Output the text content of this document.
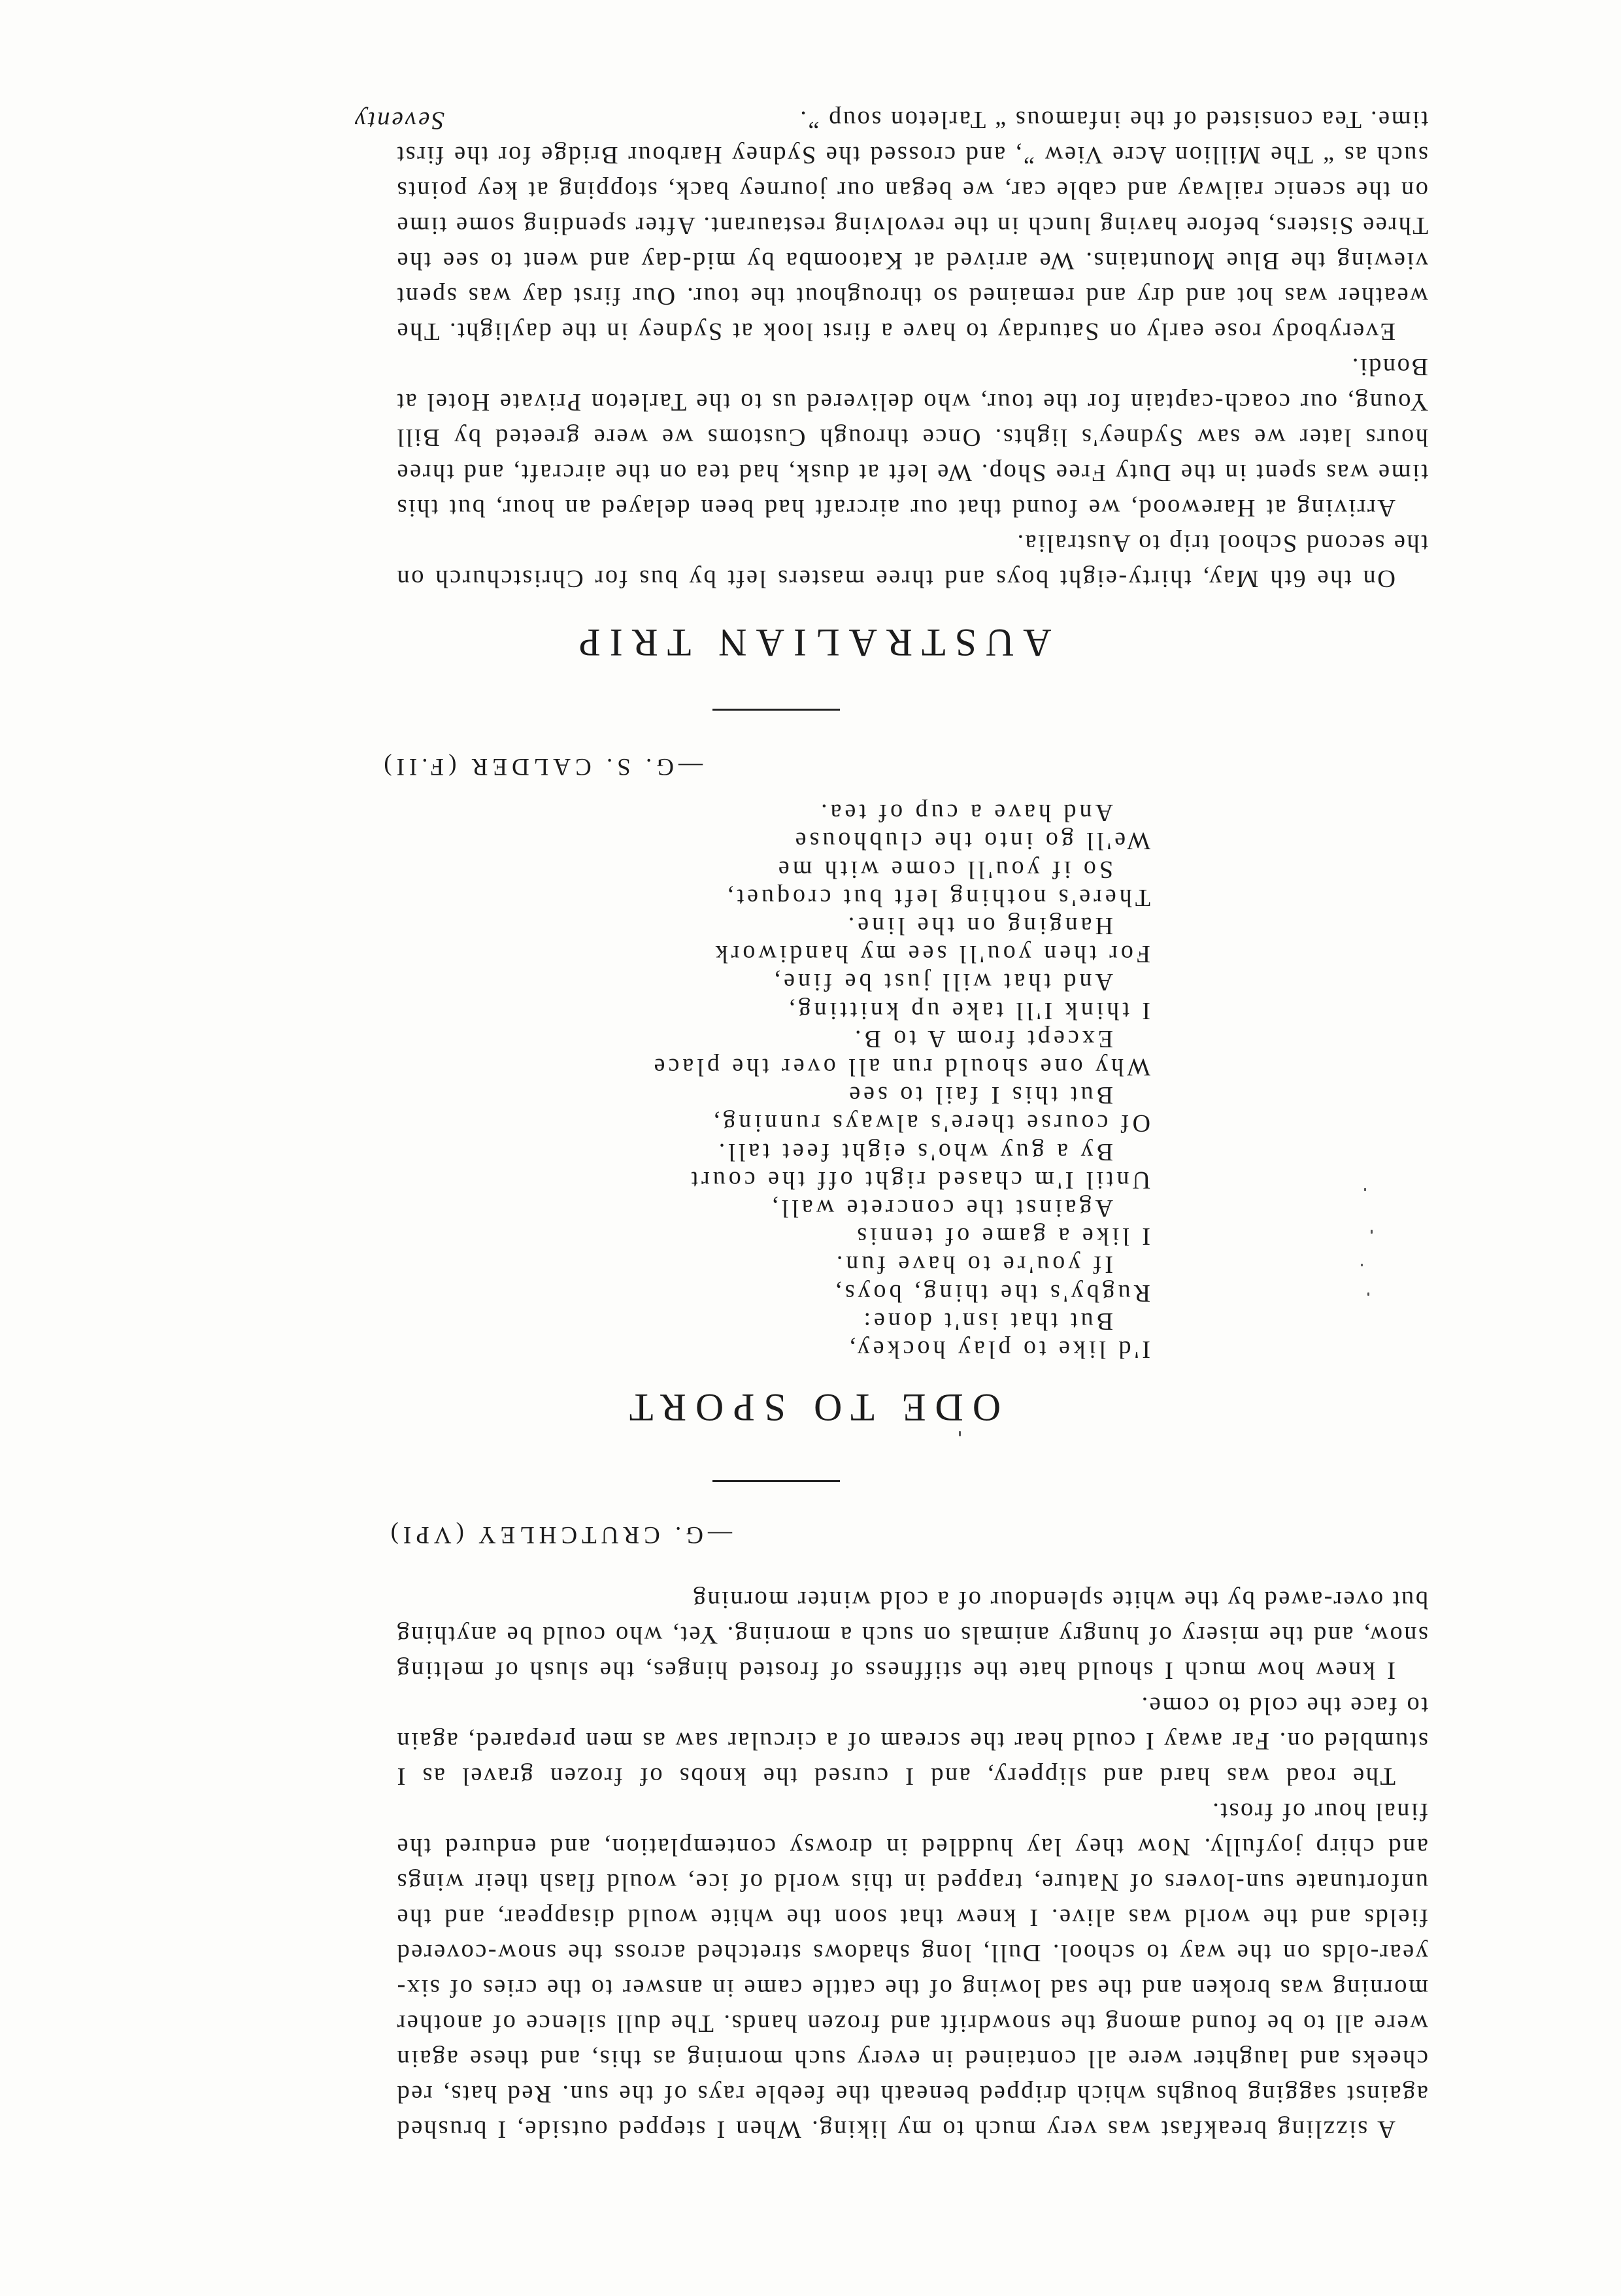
A sizzling breakfast was very much to my liking. When I stepped outside, I brushed against sagging boughs which dripped beneath the feeble rays of the sun. Red hats, red cheeks and laughter were all contained in every such morning as this, and these again were all to be found among the snowdrift and frozen hands. The dull silence of another morning was broken and the sad lowing of the cattle came in answer to the cries of six-year-olds on the way to school. Dull, long shadows stretched across the snow-covered fields and the world was alive. I knew that soon the white would disappear, and the unfortunate sun-lovers of Nature, trapped in this world of ice, would flash their wings and chirp joyfully. Now they lay huddled in drowsy contemplation, and endured the final hour of frost.

The road was hard and slippery, and I cursed the knobs of frozen gravel as I stumbled on. Far away I could hear the scream of a circular saw as men prepared, again to face the cold to come.

I knew how much I should hate the stiffness of frosted hinges, the slush of melting snow, and the misery of hungry animals on such a morning. Yet, who could be anything but over-awed by the white splendour of a cold winter morning

—G. CRUTCHLEY (VPI)

ODE TO SPORT
I'd like to play hockey,
But that isn't done:
Rugby's the thing, boys,
If you're to have fun.
I like a game of tennis
Against the concrete wall,
Until I'm chased right off the court
By a guy who's eight feet tall.
Of course there's always running,
But this I fail to see
Why one should run all over the place
Except from A to B.
I think I'll take up knitting,
And that will just be fine,
For then you'll see my handiwork
Hanging on the line.
There's nothing left but croquet,
So if you'll come with me
We'll go into the clubhouse
And have a cup of tea.

—G. S. CALDER (F.II)

AUSTRALIAN TRIP

On the 6th May, thirty-eight boys and three masters left by bus for Christchurch on the second School trip to Australia.

Arriving at Harewood, we found that our aircraft had been delayed an hour, but this time was spent in the Duty Free Shop. We left at dusk, had tea on the aircraft, and three hours later we saw Sydney's lights. Once through Customs we were greeted by Bill Young, our coach-captain for the tour, who delivered us to the Tarleton Private Hotel at Bondi.

Everybody rose early on Saturday to have a first look at Sydney in the daylight. The weather was hot and dry and remained so throughout the tour. Our first day was spent viewing the Blue Mountains. We arrived at Katoomba by mid-day and went to see the Three Sisters, before having lunch in the revolving restaurant. After spending some time on the scenic railway and cable car, we began our journey back, stopping at key points such as “ The Million Acre View ”, and crossed the Sydney Harbour Bridge for the first time. Tea consisted of the infamous “ Tarleton soup ”.

Seventy
